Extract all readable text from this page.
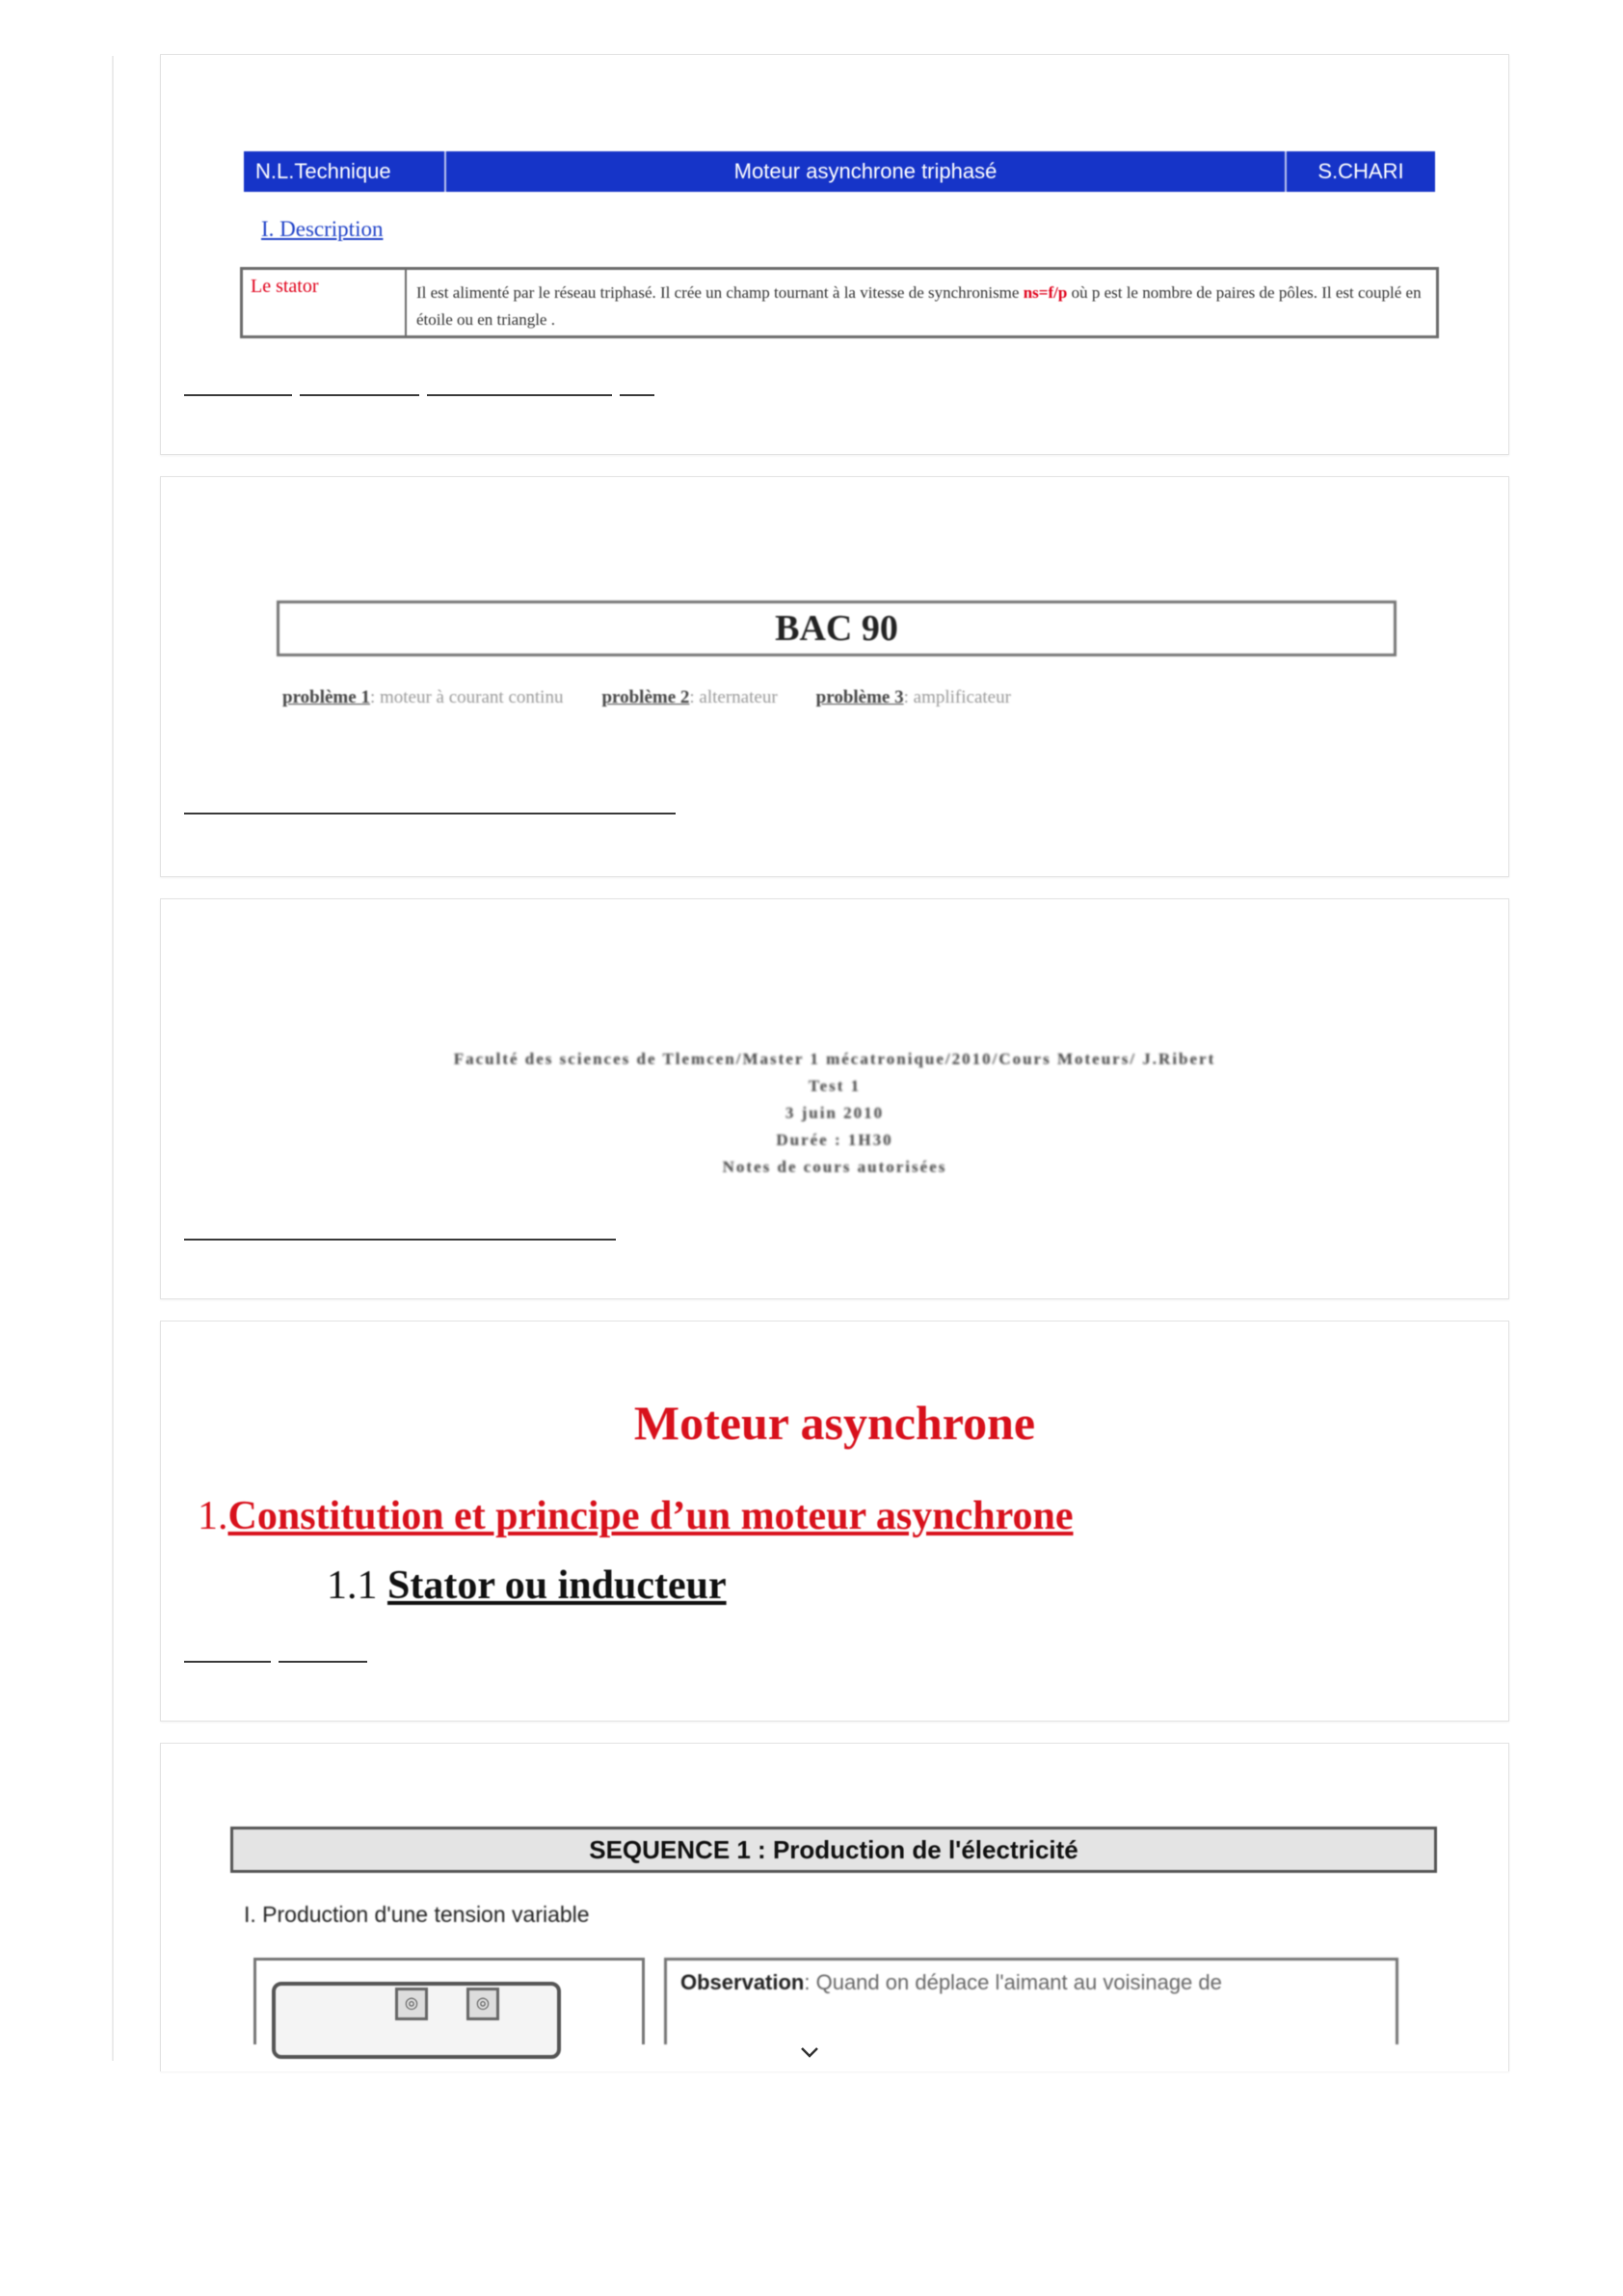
N.L.Technique	Moteur asynchrone triphasé	S.CHARI
I. Description
Le stator	Il est alimenté par le réseau triphasé. Il crée un champ tournant à la vitesse de synchronisme ns=f/p où p est le nombre de paires de pôles. Il est couplé en étoile ou en triangle .
BAC 90
problème 1: moteur à courant continu problème 2: alternateur problème 3: amplificateur
Faculté des sciences de Tlemcen/Master 1 mécatronique/2010/Cours Moteurs/ J.Ribert
Test 1
3 juin 2010
Durée : 1H30
Notes de cours autorisées
Moteur asynchrone
1.Constitution et principe d’un moteur asynchrone
1.1 Stator ou inducteur
SEQUENCE 1 : Production de l'électricité
I. Production d'une tension variable
◎	◎
Observation: Quand on déplace l'aimant au voisinage de
